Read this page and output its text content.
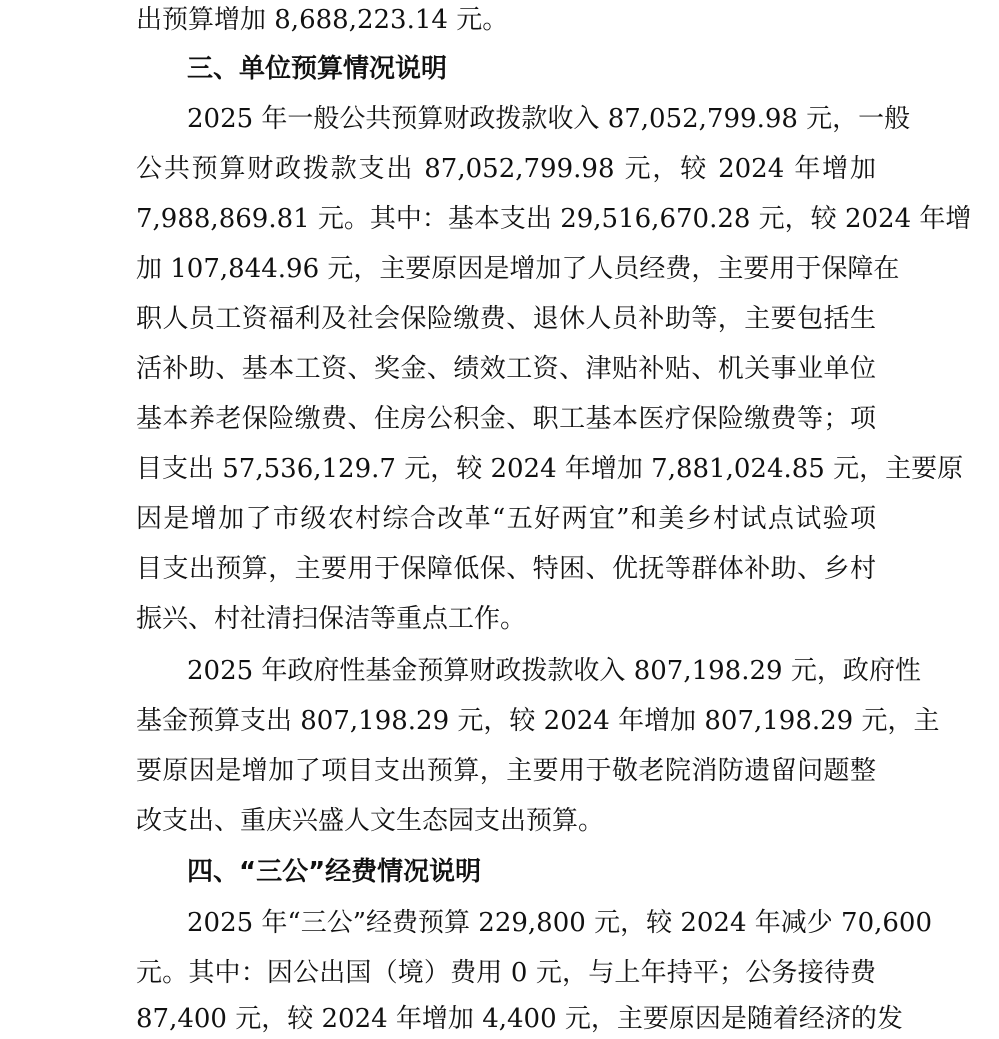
出预算增加 8,688,223.14 元。
三、单位预算情况说明
2025 年一般公共预算财政拨款收入 87,052,799.98 元，一般
公共预算财政拨款支出 87,052,799.98 元，较 2024 年增加
7,988,869.81 元。其中：基本支出 29,516,670.28 元，较 2024 年增
加 107,844.96 元，主要原因是增加了人员经费，主要用于保障在
职人员工资福利及社会保险缴费、退休人员补助等，主要包括生
活补助、基本工资、奖金、绩效工资、津贴补贴、机关事业单位
基本养老保险缴费、住房公积金、职工基本医疗保险缴费等；项
目支出 57,536,129.7 元，较 2024 年增加 7,881,024.85 元，主要原
因是增加了市级农村综合改革“五好两宜”和美乡村试点试验项
目支出预算，主要用于保障低保、特困、优抚等群体补助、乡村
振兴、村社清扫保洁等重点工作。
2025 年政府性基金预算财政拨款收入 807,198.29 元，政府性
基金预算支出 807,198.29 元，较 2024 年增加 807,198.29 元，主
要原因是增加了项目支出预算，主要用于敬老院消防遗留问题整
改支出、重庆兴盛人文生态园支出预算。
四、“三公”经费情况说明
2025 年“三公”经费预算 229,800 元，较 2024 年减少 70,600
元。其中：因公出国（境）费用 0 元，与上年持平；公务接待费
87,400 元，较 2024 年增加 4,400 元，主要原因是随着经济的发
